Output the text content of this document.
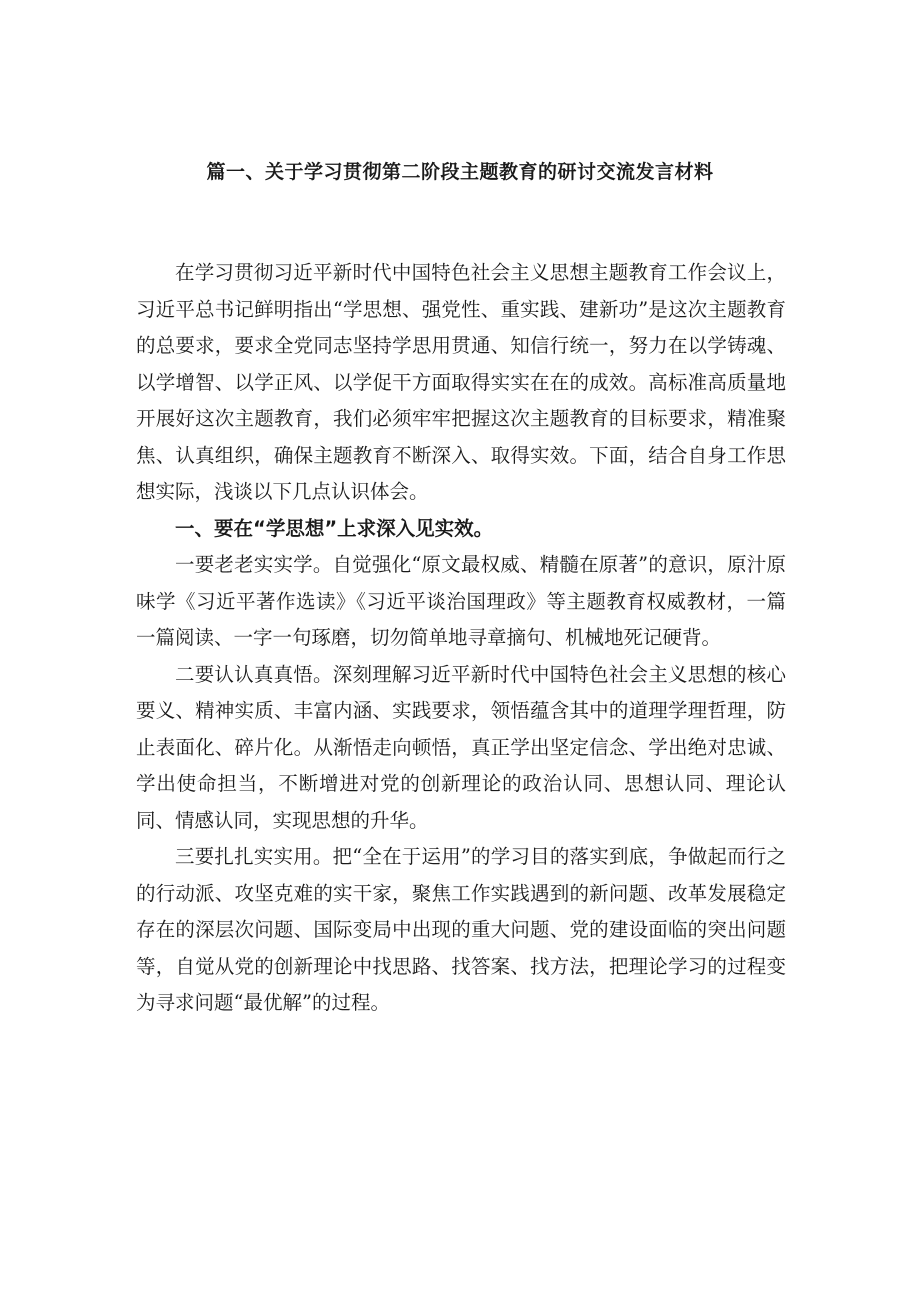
篇一、关于学习贯彻第二阶段主题教育的研讨交流发言材料

在学习贯彻习近平新时代中国特色社会主义思想主题教育工作会议上，习近平总书记鲜明指出“学思想、强党性、重实践、建新功”是这次主题教育的总要求，要求全党同志坚持学思用贯通、知信行统一，努力在以学铸魂、以学增智、以学正风、以学促干方面取得实实在在的成效。高标准高质量地开展好这次主题教育，我们必须牢牢把握这次主题教育的目标要求，精准聚焦、认真组织，确保主题教育不断深入、取得实效。下面，结合自身工作思想实际，浅谈以下几点认识体会。

一、要在“学思想”上求深入见实效。

一要老老实实学。自觉强化“原文最权威、精髓在原著”的意识，原汁原味学《习近平著作选读》《习近平谈治国理政》等主题教育权威教材，一篇一篇阅读、一字一句琢磨，切勿简单地寻章摘句、机械地死记硬背。

二要认认真真悟。深刻理解习近平新时代中国特色社会主义思想的核心要义、精神实质、丰富内涵、实践要求，领悟蕴含其中的道理学理哲理，防止表面化、碎片化。从渐悟走向顿悟，真正学出坚定信念、学出绝对忠诚、学出使命担当，不断增进对党的创新理论的政治认同、思想认同、理论认同、情感认同，实现思想的升华。

三要扎扎实实用。把“全在于运用”的学习目的落实到底，争做起而行之的行动派、攻坚克难的实干家，聚焦工作实践遇到的新问题、改革发展稳定存在的深层次问题、国际变局中出现的重大问题、党的建设面临的突出问题等，自觉从党的创新理论中找思路、找答案、找方法，把理论学习的过程变为寻求问题“最优解”的过程。
